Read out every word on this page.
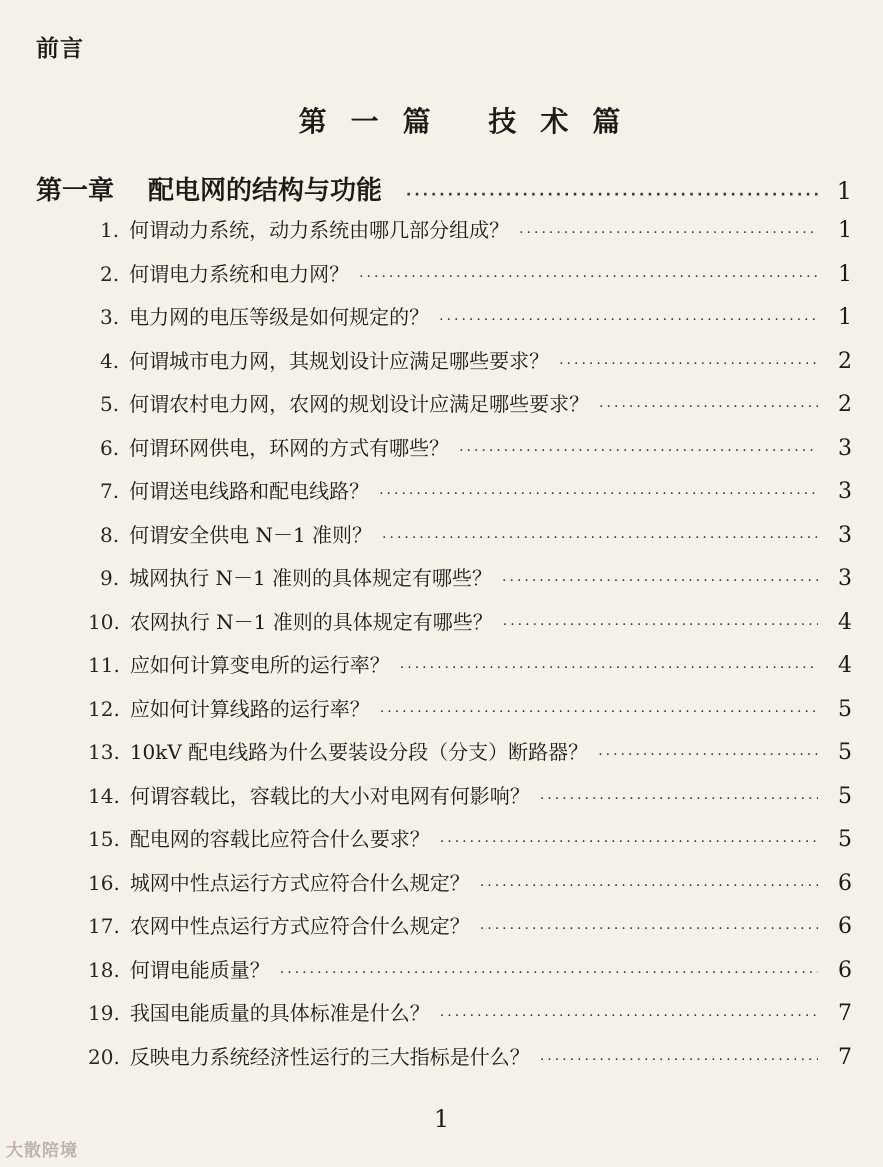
前言
第一篇 技术篇
第一章 配电网的结构与功能 ·····	1
1. 何谓动力系统，动力系统由哪几部分组成？ ·····	1
2. 何谓电力系统和电力网？ ·····	1
3. 电力网的电压等级是如何规定的？ ·····	1
4. 何谓城市电力网，其规划设计应满足哪些要求？ ·····	2
5. 何谓农村电力网，农网的规划设计应满足哪些要求？ ·····	2
6. 何谓环网供电，环网的方式有哪些？ ·····	3
7. 何谓送电线路和配电线路？ ·····	3
8. 何谓安全供电 N－1 准则？ ·····	3
9. 城网执行 N－1 准则的具体规定有哪些？ ·····	3
10. 农网执行 N－1 准则的具体规定有哪些？ ·····	4
11. 应如何计算变电所的运行率？ ·····	4
12. 应如何计算线路的运行率？ ·····	5
13. 10kV 配电线路为什么要装设分段（分支）断路器？ ·····	5
14. 何谓容载比，容载比的大小对电网有何影响？ ·····	5
15. 配电网的容载比应符合什么要求？ ·····	5
16. 城网中性点运行方式应符合什么规定？ ·····	6
17. 农网中性点运行方式应符合什么规定？ ·····	6
18. 何谓电能质量？ ·····	6
19. 我国电能质量的具体标准是什么？ ·····	7
20. 反映电力系统经济性运行的三大指标是什么？ ·····	7
1
大散陪境
